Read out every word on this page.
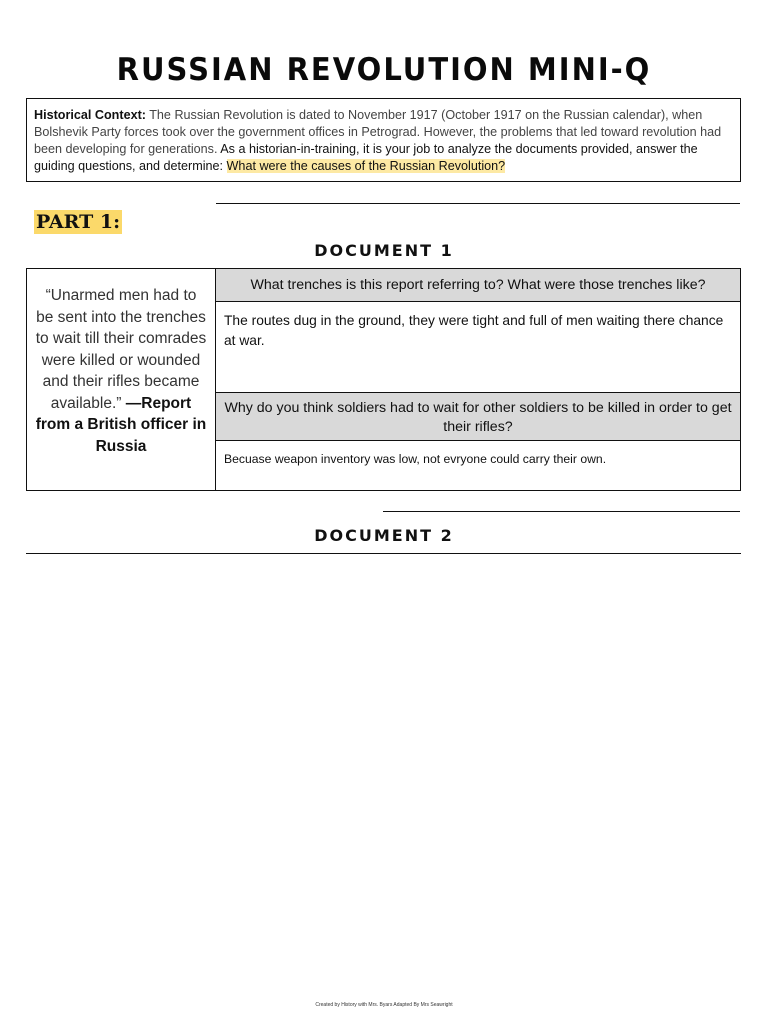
RUSSIAN REVOLUTION MINI-Q
Historical Context: The Russian Revolution is dated to November 1917 (October 1917 on the Russian calendar), when Bolshevik Party forces took over the government offices in Petrograd. However, the problems that led toward revolution had been developing for generations. As a historian-in-training, it is your job to analyze the documents provided, answer the guiding questions, and determine: What were the causes of the Russian Revolution?
PART 1:
DOCUMENT 1
“Unarmed men had to be sent into the trenches to wait till their comrades were killed or wounded and their rifles became available.” —Report from a British officer in Russia
What trenches is this report referring to? What were those trenches like?
The routes dug in the ground, they were tight and full of men waiting there chance at war.
Why do you think soldiers had to wait for other soldiers to be killed in order to get their rifles?
Becuase weapon inventory was low, not evryone could carry their own.
DOCUMENT 2
Created by History with Mrs. Byars Adapted By Mrs Seawright
